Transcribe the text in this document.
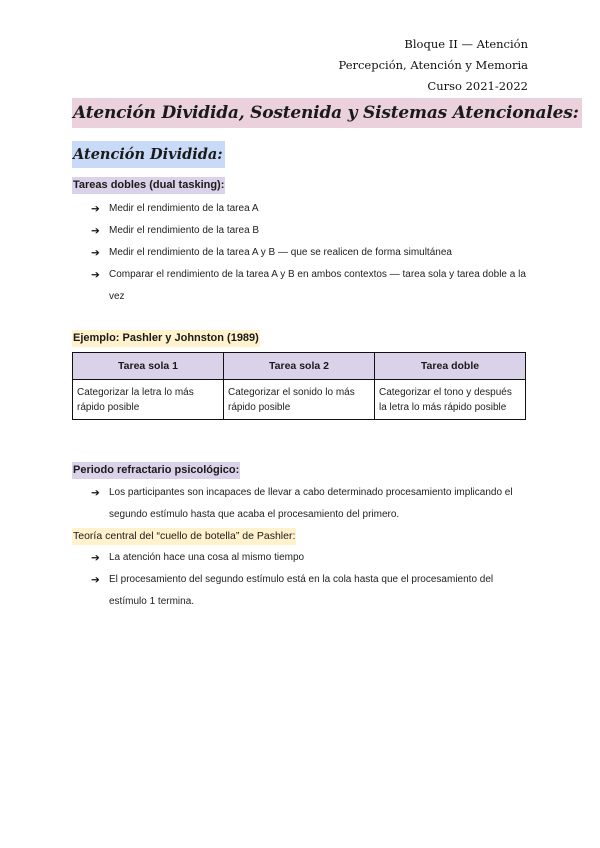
Bloque II — Atención
Percepción, Atención y Memoria
Curso 2021-2022
Atención Dividida, Sostenida y Sistemas Atencionales:
Atención Dividida:
Tareas dobles (dual tasking):
➔ Medir el rendimiento de la tarea A
➔ Medir el rendimiento de la tarea B
➔ Medir el rendimiento de la tarea A y B — que se realicen de forma simultánea
➔ Comparar el rendimiento de la tarea A y B en ambos contextos — tarea sola y tarea doble a la vez
Ejemplo: Pashler y Johnston (1989)
Tarea sola 1	Tarea sola 2	Tarea doble
Categorizar la letra lo más rápido posible	Categorizar el sonido lo más rápido posible	Categorizar el tono y después la letra lo más rápido posible
Periodo refractario psicológico:
➔ Los participantes son incapaces de llevar a cabo determinado procesamiento implicando el segundo estímulo hasta que acaba el procesamiento del primero.
Teoría central del “cuello de botella” de Pashler:
➔ La atención hace una cosa al mismo tiempo
➔ El procesamiento del segundo estímulo está en la cola hasta que el procesamiento del estímulo 1 termina.
